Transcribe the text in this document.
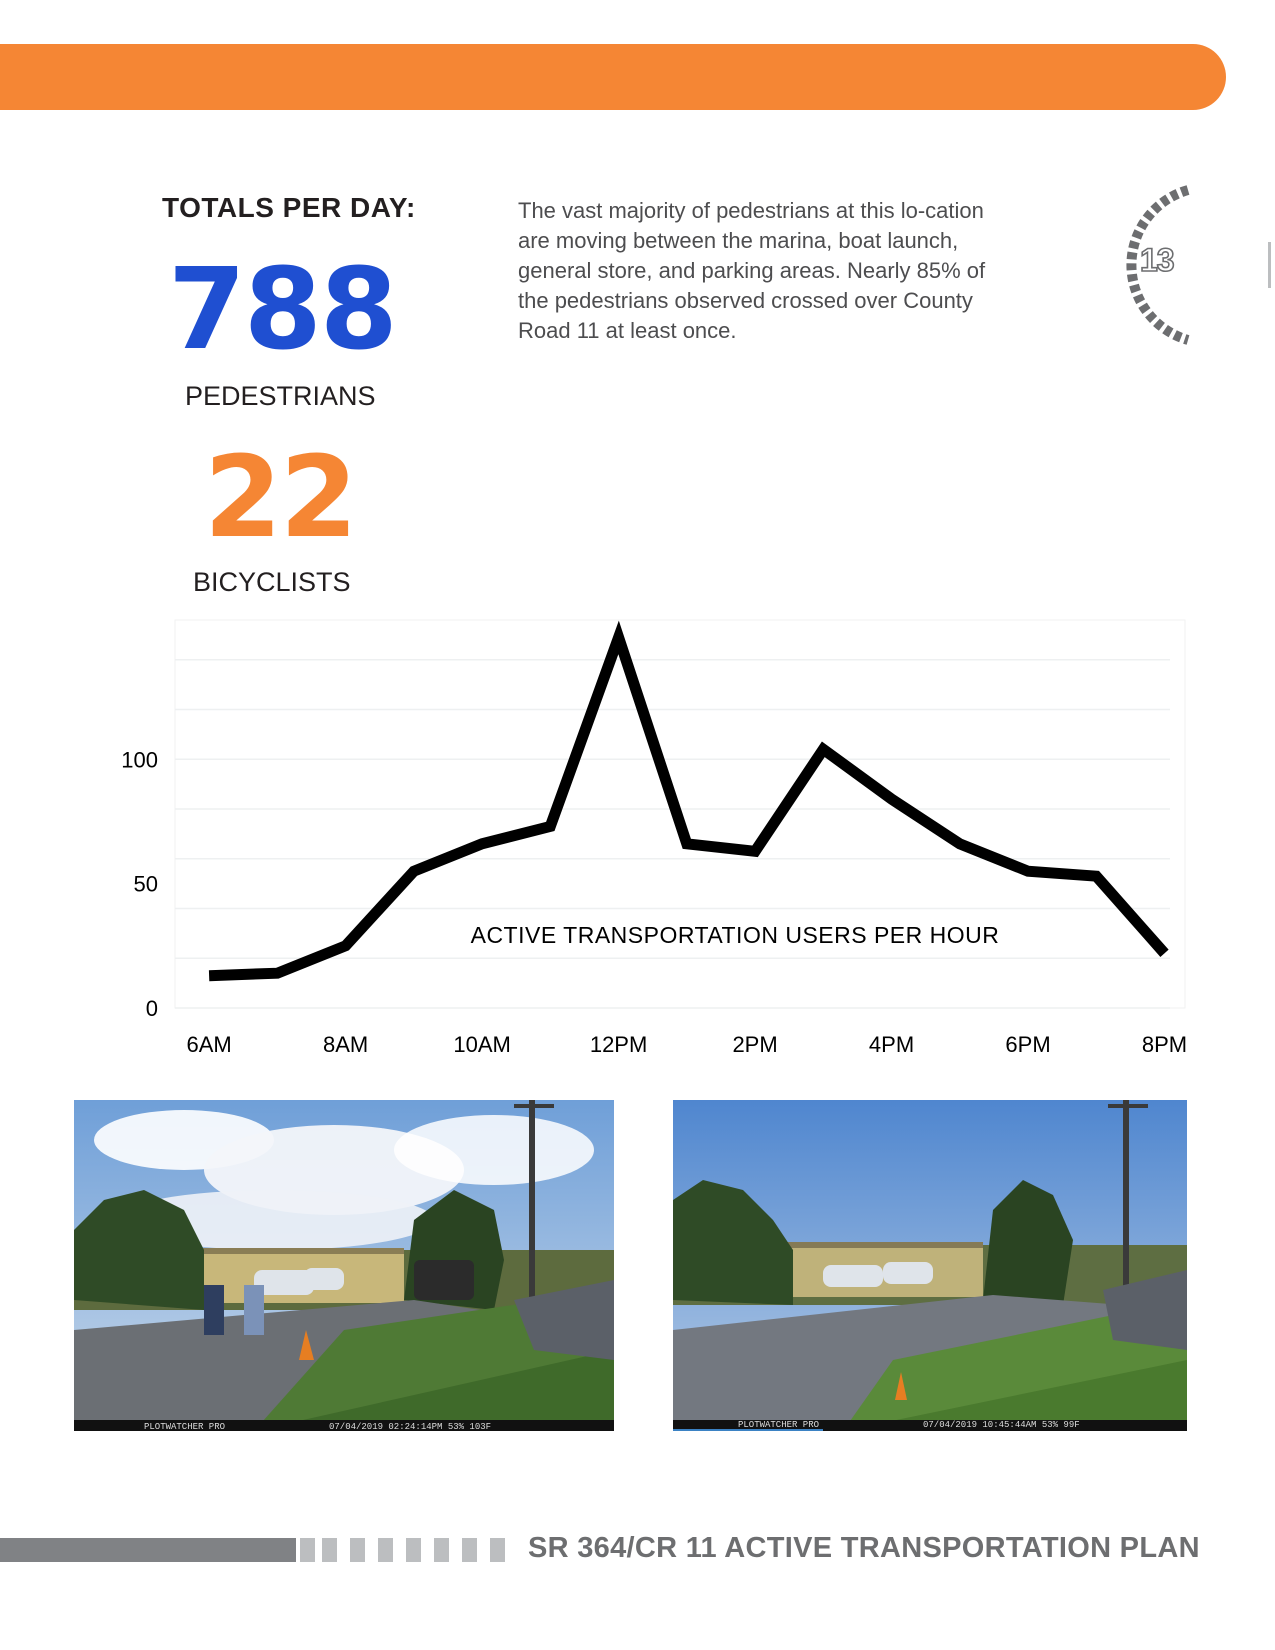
TOTALS PER DAY:
788
PEDESTRIANS
22
BICYCLISTS

The vast majority of pedestrians at this lo-cation are moving between the marina, boat launch, general store, and parking areas. Nearly 85% of the pedestrians observed crossed over County Road 11 at least once.

13
0
50
100
6AM	8AM	10AM	12PM	2PM	4PM	6PM	8PM
ACTIVE TRANSPORTATION USERS PER HOUR
PLOTWATCHER PRO	07/04/2019 02:24:14PM 53% 103F	PLOTWATCHER PRO	07/04/2019 10:45:44AM 53% 99F
SR 364/CR 11 ACTIVE TRANSPORTATION PLAN
